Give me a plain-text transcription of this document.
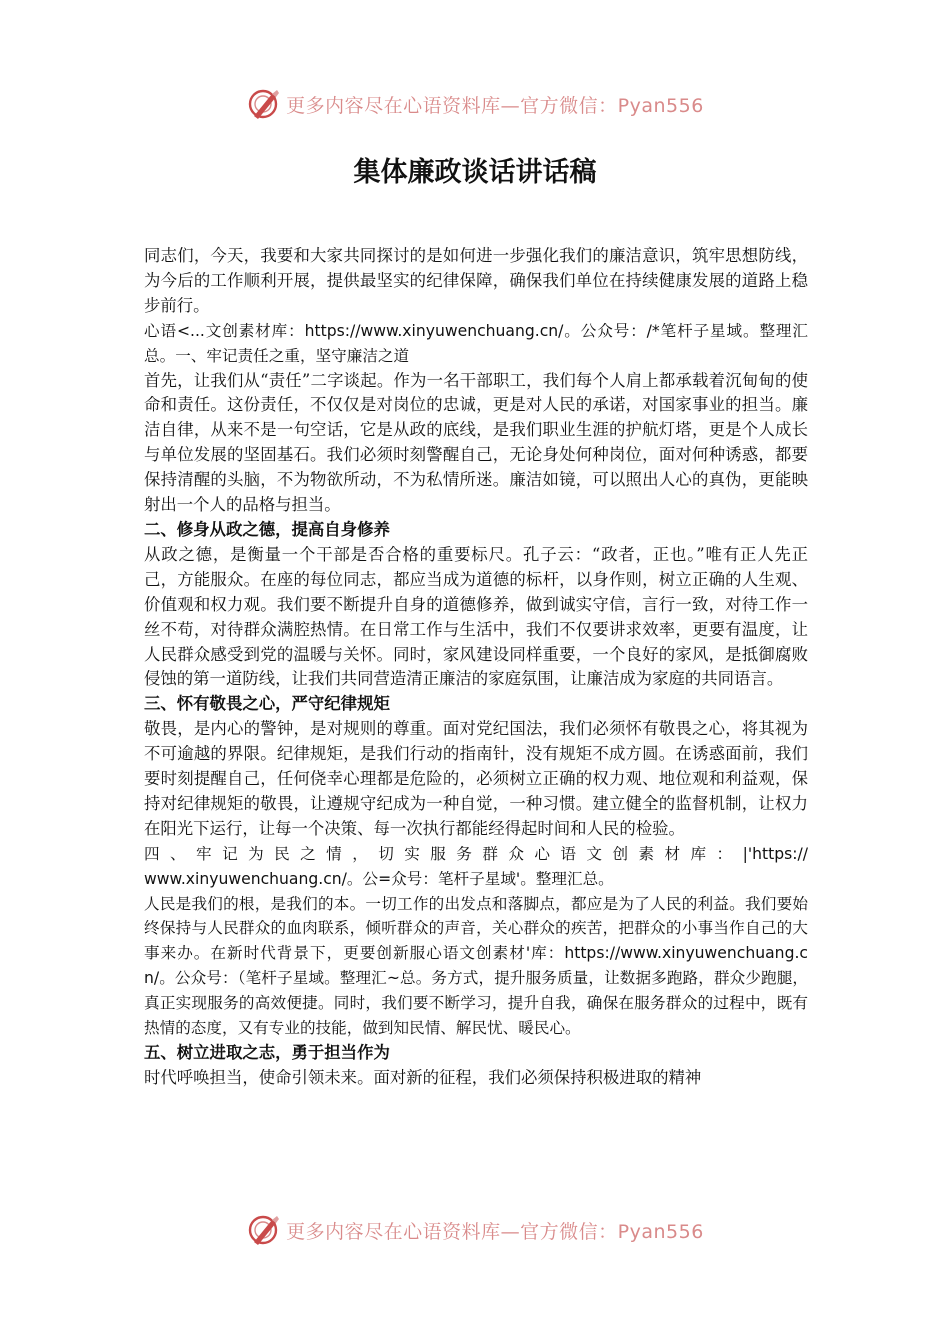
更多内容尽在心语资料库—官方微信：Pyan556
集体廉政谈话讲话稿

同志们，今天，我要和大家共同探讨的是如何进一步强化我们的廉洁意识，筑牢思想防线，为今后的工作顺利开展，提供最坚实的纪律保障，确保我们单位在持续健康发展的道路上稳步前行。

心语<...文创素材库：https://www.xinyuwenchuang.cn/。公众号：/*笔杆子星域。整理汇总。一、牢记责任之重，坚守廉洁之道

首先，让我们从“责任”二字谈起。作为一名干部职工，我们每个人肩上都承载着沉甸甸的使命和责任。这份责任，不仅仅是对岗位的忠诚，更是对人民的承诺，对国家事业的担当。廉洁自律，从来不是一句空话，它是从政的底线，是我们职业生涯的护航灯塔，更是个人成长与单位发展的坚固基石。我们必须时刻警醒自己，无论身处何种岗位，面对何种诱惑，都要保持清醒的头脑，不为物欲所动，不为私情所迷。廉洁如镜，可以照出人心的真伪，更能映射出一个人的品格与担当。

二、修身从政之德，提高自身修养

从政之德，是衡量一个干部是否合格的重要标尺。孔子云：“政者，正也。”唯有正人先正己，方能服众。在座的每位同志，都应当成为道德的标杆，以身作则，树立正确的人生观、价值观和权力观。我们要不断提升自身的道德修养，做到诚实守信，言行一致，对待工作一丝不苟，对待群众满腔热情。在日常工作与生活中，我们不仅要讲求效率，更要有温度，让人民群众感受到党的温暖与关怀。同时，家风建设同样重要，一个良好的家风，是抵御腐败侵蚀的第一道防线，让我们共同营造清正廉洁的家庭氛围，让廉洁成为家庭的共同语言。

三、怀有敬畏之心，严守纪律规矩

敬畏，是内心的警钟，是对规则的尊重。面对党纪国法，我们必须怀有敬畏之心，将其视为不可逾越的界限。纪律规矩，是我们行动的指南针，没有规矩不成方圆。在诱惑面前，我们要时刻提醒自己，任何侥幸心理都是危险的，必须树立正确的权力观、地位观和利益观，保持对纪律规矩的敬畏，让遵规守纪成为一种自觉，一种习惯。建立健全的监督机制，让权力在阳光下运行，让每一个决策、每一次执行都能经得起时间和人民的检验。

四、牢记为民之情，切实服务群众心语文创素材库：|'https://

www.xinyuwenchuang.cn/。公=众号：笔杆子星域'。整理汇总。

人民是我们的根，是我们的本。一切工作的出发点和落脚点，都应是为了人民的利益。我们要始终保持与人民群众的血肉联系，倾听群众的声音，关心群众的疾苦，把群众的小事当作自己的大事来办。在新时代背景下，更要创新服心语文创素材'库：https://www.xinyuwenchuang.cn/。公众号：（笔杆子星域。整理汇~总。务方式，提升服务质量，让数据多跑路，群众少跑腿，真正实现服务的高效便捷。同时，我们要不断学习，提升自我，确保在服务群众的过程中，既有热情的态度，又有专业的技能，做到知民情、解民忧、暖民心。

五、树立进取之志，勇于担当作为

时代呼唤担当，使命引领未来。面对新的征程，我们必须保持积极进取的精神

更多内容尽在心语资料库—官方微信：Pyan556
